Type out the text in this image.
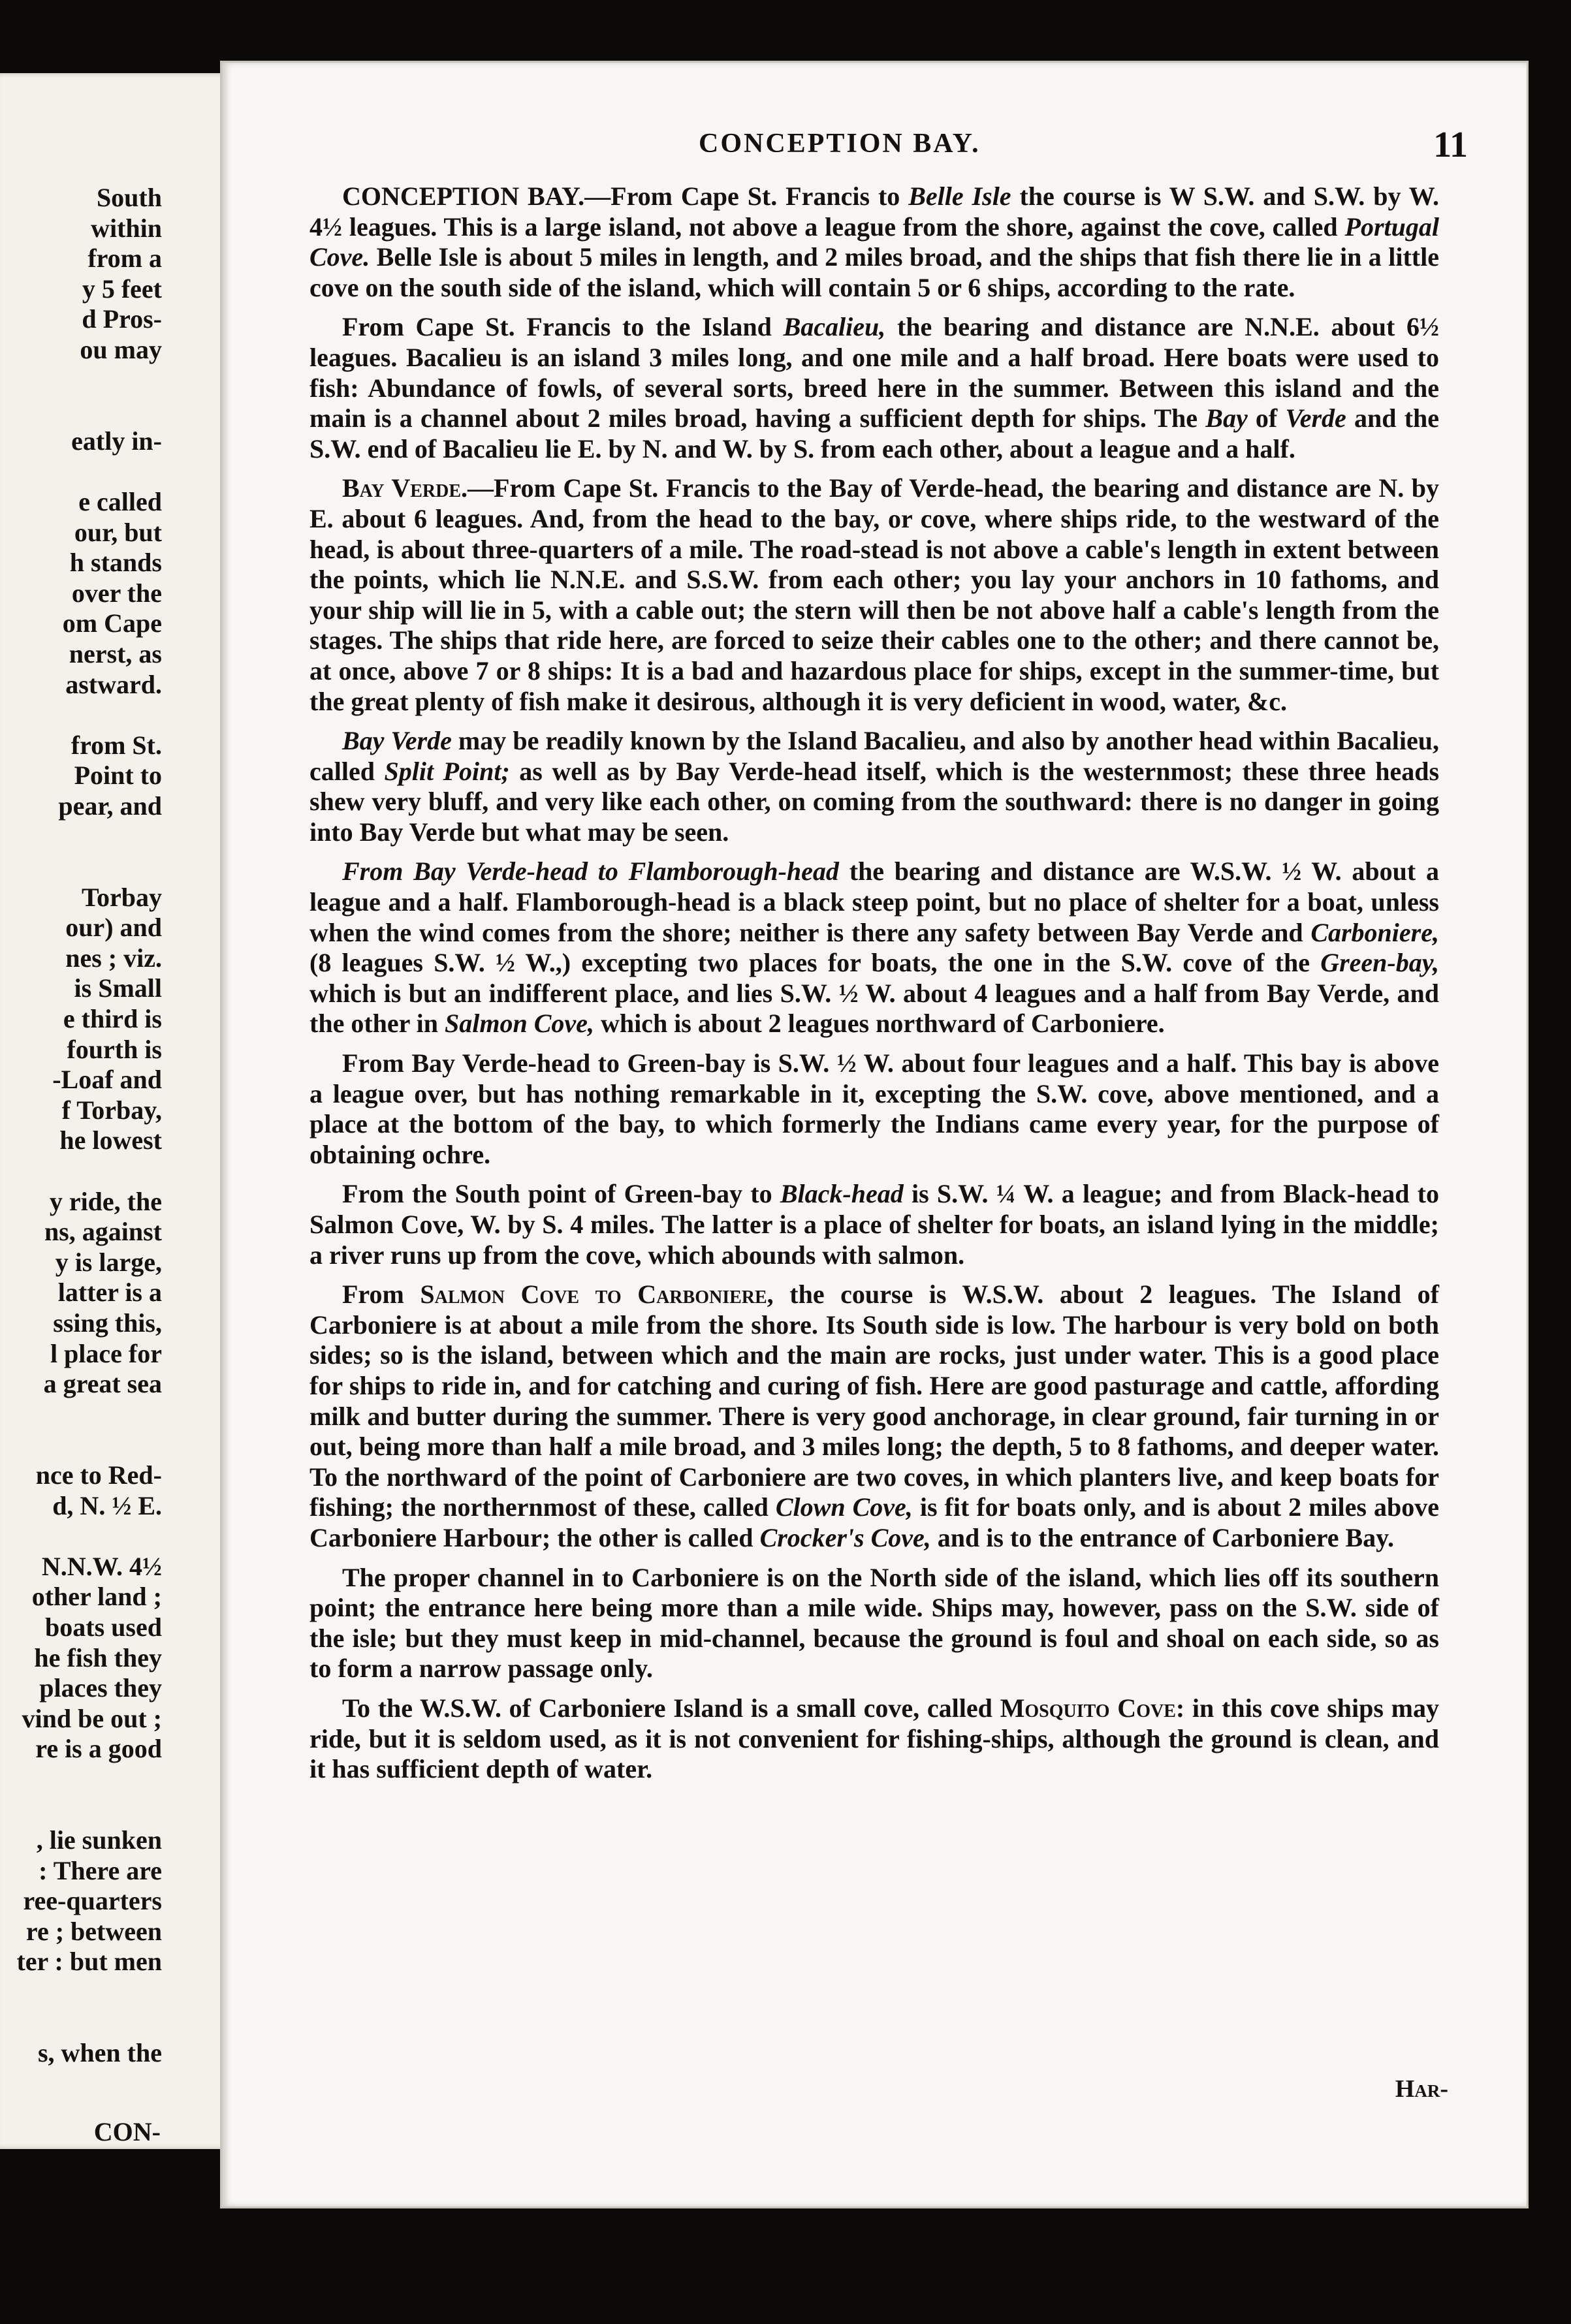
South
within
from a
y 5 feet
d Pros-
ou may
eatly in-
e called
our, but
h stands
over the
om Cape
nerst, as
astward.
from St.
Point to
pear, and
Torbay
our) and
nes ; viz.
is Small
e third is
fourth is
-Loaf and
f Torbay,
he lowest
y ride, the
ns, against
y is large,
latter is a
ssing this,
l place for
a great sea
nce to Red-
d, N. ½ E.
N.N.W. 4½
other land ;
boats used
he fish they
places they
vind be out ;
re is a good
, lie sunken
: There are
ree-quarters
re ; between
ter : but men
s, when the
CON-
CONCEPTION BAY.	11

CONCEPTION BAY.—From Cape St. Francis to Belle Isle the course is W S.W. and S.W. by W. 4½ leagues. This is a large island, not above a league from the shore, against the cove, called Portugal Cove. Belle Isle is about 5 miles in length, and 2 miles broad, and the ships that fish there lie in a little cove on the south side of the island, which will contain 5 or 6 ships, according to the rate.

From Cape St. Francis to the Island Bacalieu, the bearing and distance are N.N.E. about 6½ leagues. Bacalieu is an island 3 miles long, and one mile and a half broad. Here boats were used to fish: Abundance of fowls, of several sorts, breed here in the summer. Between this island and the main is a channel about 2 miles broad, having a sufficient depth for ships. The Bay of Verde and the S.W. end of Bacalieu lie E. by N. and W. by S. from each other, about a league and a half.

Bay Verde.—From Cape St. Francis to the Bay of Verde-head, the bearing and distance are N. by E. about 6 leagues. And, from the head to the bay, or cove, where ships ride, to the westward of the head, is about three-quarters of a mile. The road-stead is not above a cable's length in extent between the points, which lie N.N.E. and S.S.W. from each other; you lay your anchors in 10 fathoms, and your ship will lie in 5, with a cable out; the stern will then be not above half a cable's length from the stages. The ships that ride here, are forced to seize their cables one to the other; and there cannot be, at once, above 7 or 8 ships: It is a bad and hazardous place for ships, except in the summer-time, but the great plenty of fish make it desirous, although it is very deficient in wood, water, &c.

Bay Verde may be readily known by the Island Bacalieu, and also by another head within Bacalieu, called Split Point; as well as by Bay Verde-head itself, which is the westernmost; these three heads shew very bluff, and very like each other, on coming from the southward: there is no danger in going into Bay Verde but what may be seen.

From Bay Verde-head to Flamborough-head the bearing and distance are W.S.W. ½ W. about a league and a half. Flamborough-head is a black steep point, but no place of shelter for a boat, unless when the wind comes from the shore; neither is there any safety between Bay Verde and Carboniere, (8 leagues S.W. ½ W.,) excepting two places for boats, the one in the S.W. cove of the Green-bay, which is but an indifferent place, and lies S.W. ½ W. about 4 leagues and a half from Bay Verde, and the other in Salmon Cove, which is about 2 leagues northward of Carboniere.

From Bay Verde-head to Green-bay is S.W. ½ W. about four leagues and a half. This bay is above a league over, but has nothing remarkable in it, excepting the S.W. cove, above mentioned, and a place at the bottom of the bay, to which formerly the Indians came every year, for the purpose of obtaining ochre.

From the South point of Green-bay to Black-head is S.W. ¼ W. a league; and from Black-head to Salmon Cove, W. by S. 4 miles. The latter is a place of shelter for boats, an island lying in the middle; a river runs up from the cove, which abounds with salmon.

From Salmon Cove to Carboniere, the course is W.S.W. about 2 leagues. The Island of Carboniere is at about a mile from the shore. Its South side is low. The harbour is very bold on both sides; so is the island, between which and the main are rocks, just under water. This is a good place for ships to ride in, and for catching and curing of fish. Here are good pasturage and cattle, affording milk and butter during the summer. There is very good anchorage, in clear ground, fair turning in or out, being more than half a mile broad, and 3 miles long; the depth, 5 to 8 fathoms, and deeper water. To the northward of the point of Carboniere are two coves, in which planters live, and keep boats for fishing; the northernmost of these, called Clown Cove, is fit for boats only, and is about 2 miles above Carboniere Harbour; the other is called Crocker's Cove, and is to the entrance of Carboniere Bay.

The proper channel in to Carboniere is on the North side of the island, which lies off its southern point; the entrance here being more than a mile wide. Ships may, however, pass on the S.W. side of the isle; but they must keep in mid-channel, because the ground is foul and shoal on each side, so as to form a narrow passage only.

To the W.S.W. of Carboniere Island is a small cove, called Mosquito Cove: in this cove ships may ride, but it is seldom used, as it is not convenient for fishing-ships, although the ground is clean, and it has sufficient depth of water.

Har-
